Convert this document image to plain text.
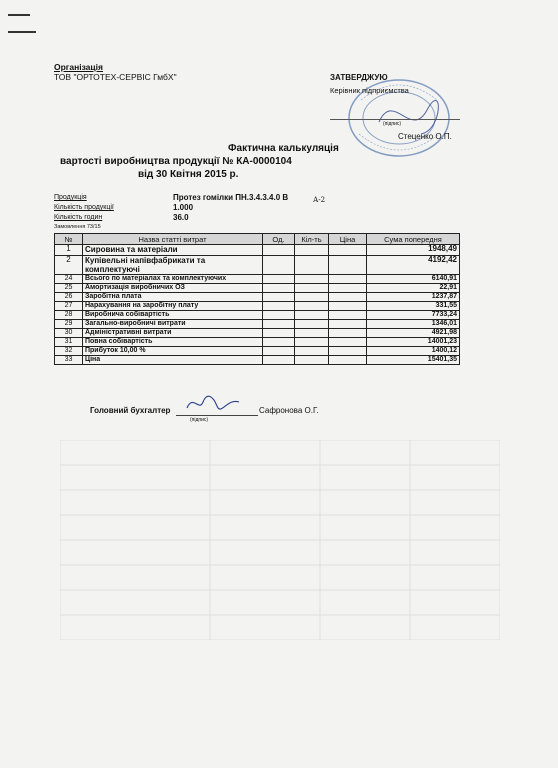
Організація
ТОВ "ОРТОТЕХ-СЕРВІС ГмбХ"	ЗАТВЕРДЖУЮ
Керівник підприємства
(підпис)
Стеценко О.П.
Фактична калькуляція
вартості виробництва продукції № КА-0000104
від 30 Квітня 2015 р.
Продукція	Протез гомілки ПН.3.4.3.4.0 В	А-2
Кількість продукції	1.000
Кількість годин	36.0
Замовлення 73/15
№	Назва статті витрат	Од.	Кіл-ть	Ціна	Сума попередня
1	Сировина та матеріали				1948,49
2	Купівельні напівфабрикати та комплектуючі				4192,42
24	Всього по матеріалах та комплектуючих				6140,91
25	Амортизація виробничих ОЗ				22,91
26	Заробітна плата				1237,87
27	Нарахування на заробітну плату				331,55
28	Виробнича собівартість				7733,24
29	Загально-виробничі витрати				1346,01
30	Адміністративні витрати				4921,98
31	Повна собівартість				14001,23
32	Прибуток 10,00 %				1400,12
33	Ціна				15401,35
Головний бухгалтер	Сафронова О.Г.
(підпис)
